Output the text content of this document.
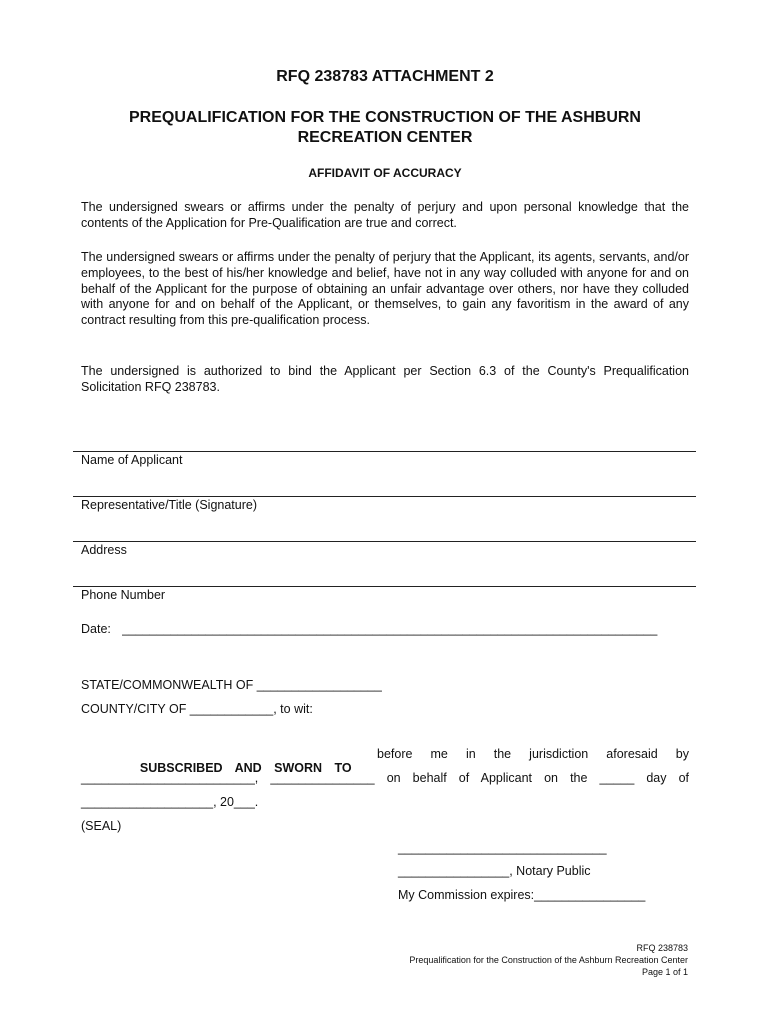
RFQ 238783 ATTACHMENT 2
PREQUALIFICATION FOR THE CONSTRUCTION OF THE ASHBURN RECREATION CENTER
AFFIDAVIT OF ACCURACY
The undersigned swears or affirms under the penalty of perjury and upon personal knowledge that the contents of the Application for Pre-Qualification are true and correct.
The undersigned swears or affirms under the penalty of perjury that the Applicant, its agents, servants, and/or employees, to the best of his/her knowledge and belief, have not in any way colluded with anyone for and on behalf of the Applicant for the purpose of obtaining an unfair advantage over others, nor have they colluded with anyone for and on behalf of the Applicant, or themselves, to gain any favoritism in the award of any contract resulting from this pre-qualification process.
The undersigned is authorized to bind the Applicant per Section 6.3 of the County's Prequalification Solicitation RFQ 238783.
Name of Applicant
Representative/Title (Signature)
Address
Phone Number
Date: _____________________________________________________________________________
STATE/COMMONWEALTH OF __________________
COUNTY/CITY OF ____________, to wit:

SUBSCRIBED AND SWORN TO

before me in the jurisdiction aforesaid by
_________________________, _______________ on behalf of Applicant on the _____ day of
___________________, 20___.
(SEAL)
______________________________
________________, Notary Public
My Commission expires:________________
RFQ 238783
Prequalification for the Construction of the Ashburn Recreation Center
Page 1 of 1
